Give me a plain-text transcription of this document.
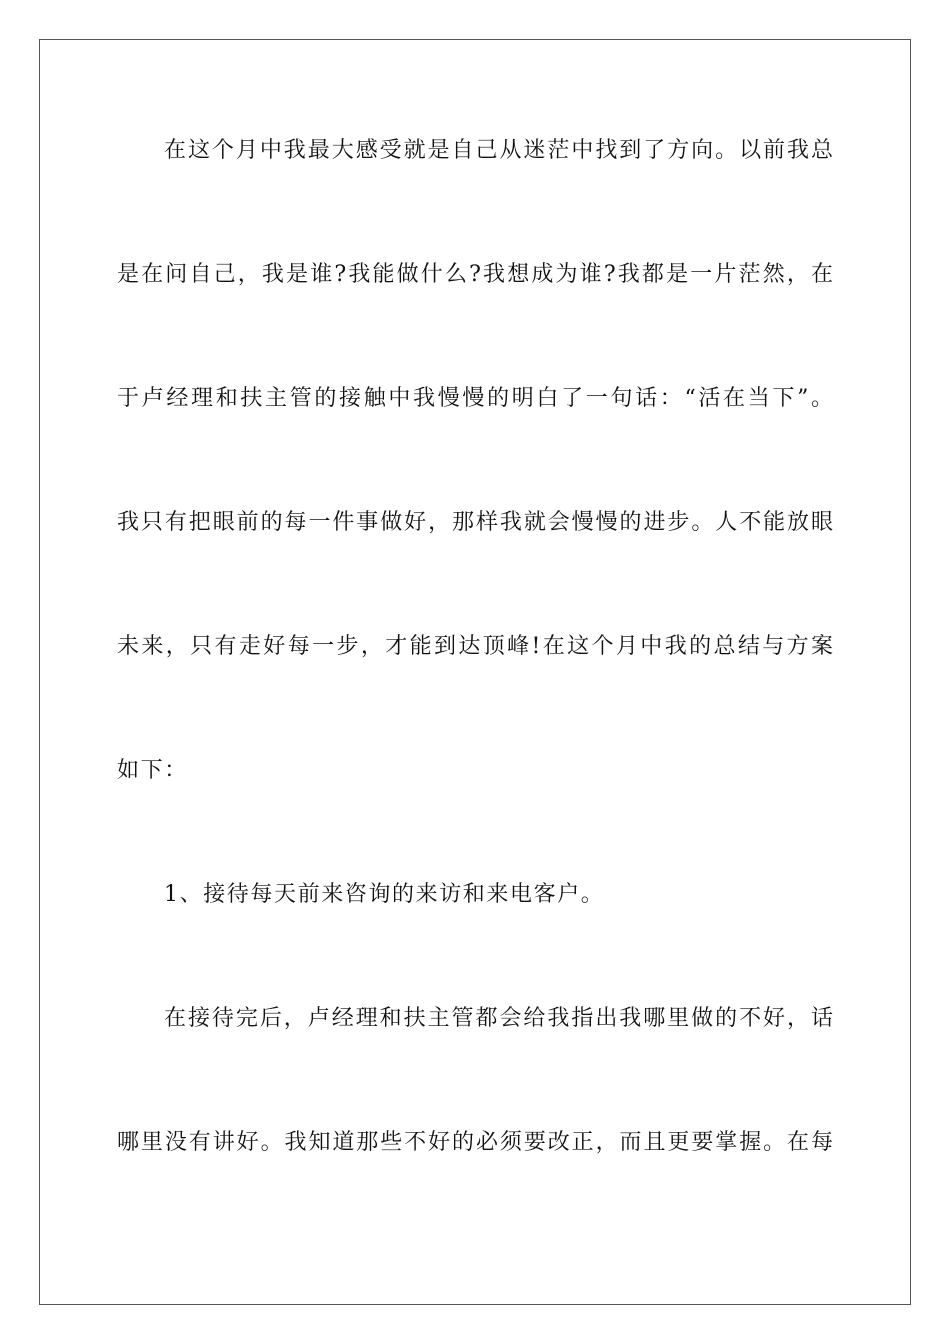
在这个月中我最大感受就是自己从迷茫中找到了方向。以前我总
是在问自己，我是谁?我能做什么?我想成为谁?我都是一片茫然，在
于卢经理和扶主管的接触中我慢慢的明白了一句话：“活在当下”。
我只有把眼前的每一件事做好，那样我就会慢慢的进步。人不能放眼
未来，只有走好每一步，才能到达顶峰!在这个月中我的总结与方案
如下：
1、接待每天前来咨询的来访和来电客户。
在接待完后，卢经理和扶主管都会给我指出我哪里做的不好，话
哪里没有讲好。我知道那些不好的必须要改正，而且更要掌握。在每
